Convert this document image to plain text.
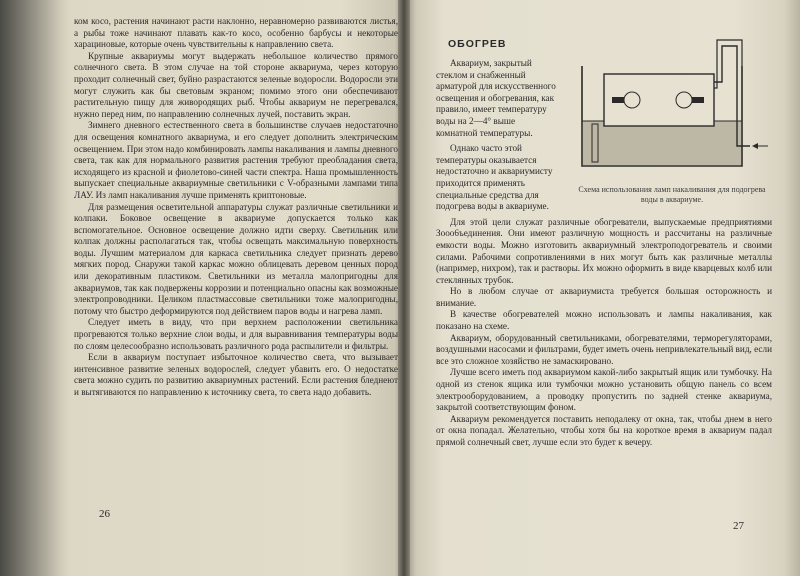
ком косо, растения начинают расти наклонно, неравномерно развиваются листья, а рыбы тоже начинают плавать как-то косо, особенно барбусы и некоторые харациновые, которые очень чувствительны к направлению света.

Крупные аквариумы могут выдержать небольшое количество прямого солнечного света. В этом случае на той стороне аквариума, через которую проходит солнечный свет, буйно разрастаются зеленые водоросли. Водоросли эти могут служить как бы световым экраном; помимо этого они обеспечивают растительную пищу для живородящих рыб. Чтобы аквариум не перегревался, нужно перед ним, по направлению солнечных лучей, поставить экран.

Зимнего дневного естественного света в большинстве случаев недостаточно для освещения комнатного аквариума, и его следует дополнить электрическим освещением. При этом надо комбинировать лампы накаливания и лампы дневного света, так как для нормального развития растения требуют преобладания света, исходящего из красной и фиолетово-синей части спектра. Наша промышленность выпускает специальные аквариумные светильники с V-образными лампами типа ЛАУ. Из ламп накаливания лучше применять криптоновые.

Для размещения осветительной аппаратуры служат различные светильники и колпаки. Боковое освещение в аквариуме допускается только как вспомогательное. Основное освещение должно идти сверху. Светильник или колпак должны располагаться так, чтобы освещать максимальную поверхность воды. Лучшим материалом для каркаса светильника следует признать дерево мягких пород. Снаружи такой каркас можно облицевать деревом ценных пород или декоративным пластиком. Светильники из металла малопригодны для аквариумов, так как подвержены коррозии и потенциально опасны как возможные электропроводники. Целиком пластмассовые светильники тоже малопригодны, потому что быстро деформируются под действием паров воды и нагрева ламп.

Следует иметь в виду, что при верхнем расположении светильника прогреваются только верхние слои воды, и для выравнивания температуры воды по слоям целесообразно использовать различного рода распылители и фильтры.

Если в аквариум поступает избыточное количество света, что вызывает интенсивное развитие зеленых водорослей, следует убавить его. О недостатке света можно судить по развитию аквариумных растений. Если растения бледнеют и вытягиваются по направлению к источнику света, то света надо добавить.

26
ОБОГРЕВ

Аквариум, закрытый стеклом и снабженный арматурой для искусственного освещения и обогревания, как правило, имеет температуру воды на 2—4° выше комнатной температуры.

Однако часто этой температуры оказывается недостаточно и аквариумисту приходится применять специальные средства для подогрева воды в аквариуме.

Схема использования ламп накаливания для подогрева воды в аквариуме.

Для этой цели служат различные обогреватели, выпускаемые предприятиями Зооо6ъединения. Они имеют различную мощность и рассчитаны на различные емкости воды. Можно изготовить аквариумный электроподогреватель и своими силами. Рабочими сопротивлениями в них могут быть как различные металлы (например, нихром), так и растворы. Их можно оформить в виде кварцевых колб или стеклянных трубок.

Но в любом случае от аквариумиста требуется большая осторожность и внимание.

В качестве обогревателей можно использовать и лампы накаливания, как показано на схеме.

Аквариум, оборудованный светильниками, обогревателями, терморегуляторами, воздушными насосами и фильтрами, будет иметь очень непривлекательный вид, если все это сложное хозяйство не замаскировано.

Лучше всего иметь под аквариумом какой-либо закрытый ящик или тумбочку. На одной из стенок ящика или тумбочки можно установить общую панель со всем электрооборудованием, а проводку пропустить по задней стенке аквариума, закрытой соответствующим фоном.

Аквариум рекомендуется поставить неподалеку от окна, так, чтобы днем в него от окна попадал. Желательно, чтобы хотя бы на короткое время в аквариум падал прямой солнечный свет, лучше если это будет к вечеру.

27
